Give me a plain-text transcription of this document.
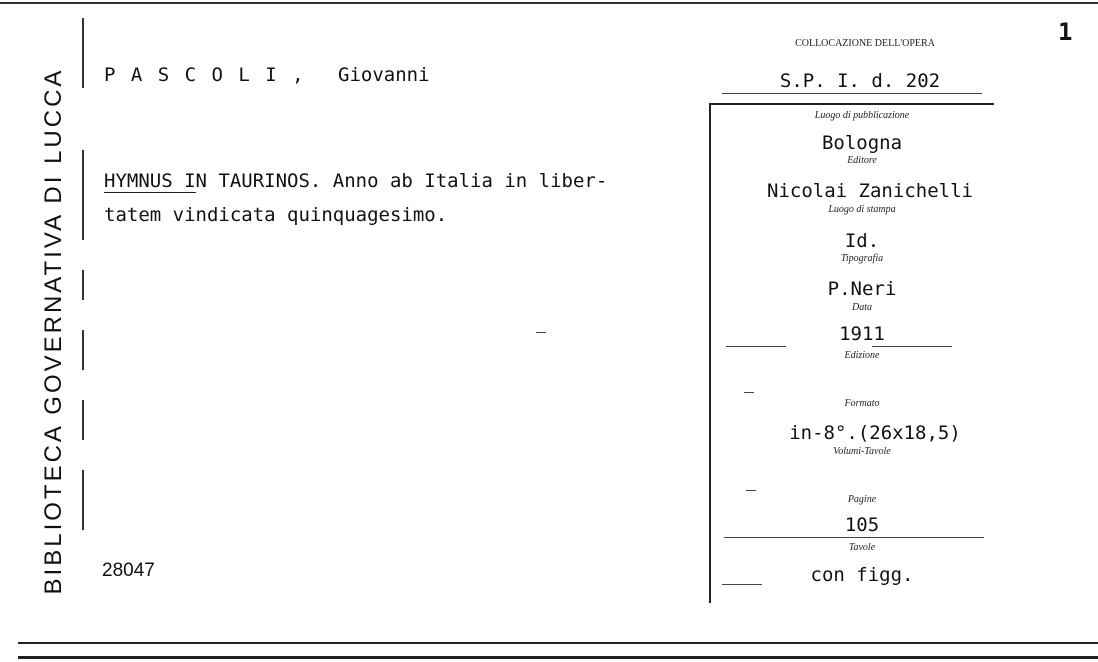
BIBLIOTECA GOVERNATIVA DI LUCCA
1
P A S C O L I , Giovanni
HYMNUS IN TAURINOS. Anno ab Italia in liber-
tatem vindicata quinquagesimo.
28047
COLLOCAZIONE DELL'OPERA
S.P. I. d. 202
Luogo di pubblicazione
Bologna
Editore
Nicolai Zanichelli
Luogo di stampa
Id.
Tipografia
P.Neri
Data
1911
Edizione
Formato
in-8°.(26x18,5)
Volumi-Tavole
Pagine
105
Tavole
con figg.
